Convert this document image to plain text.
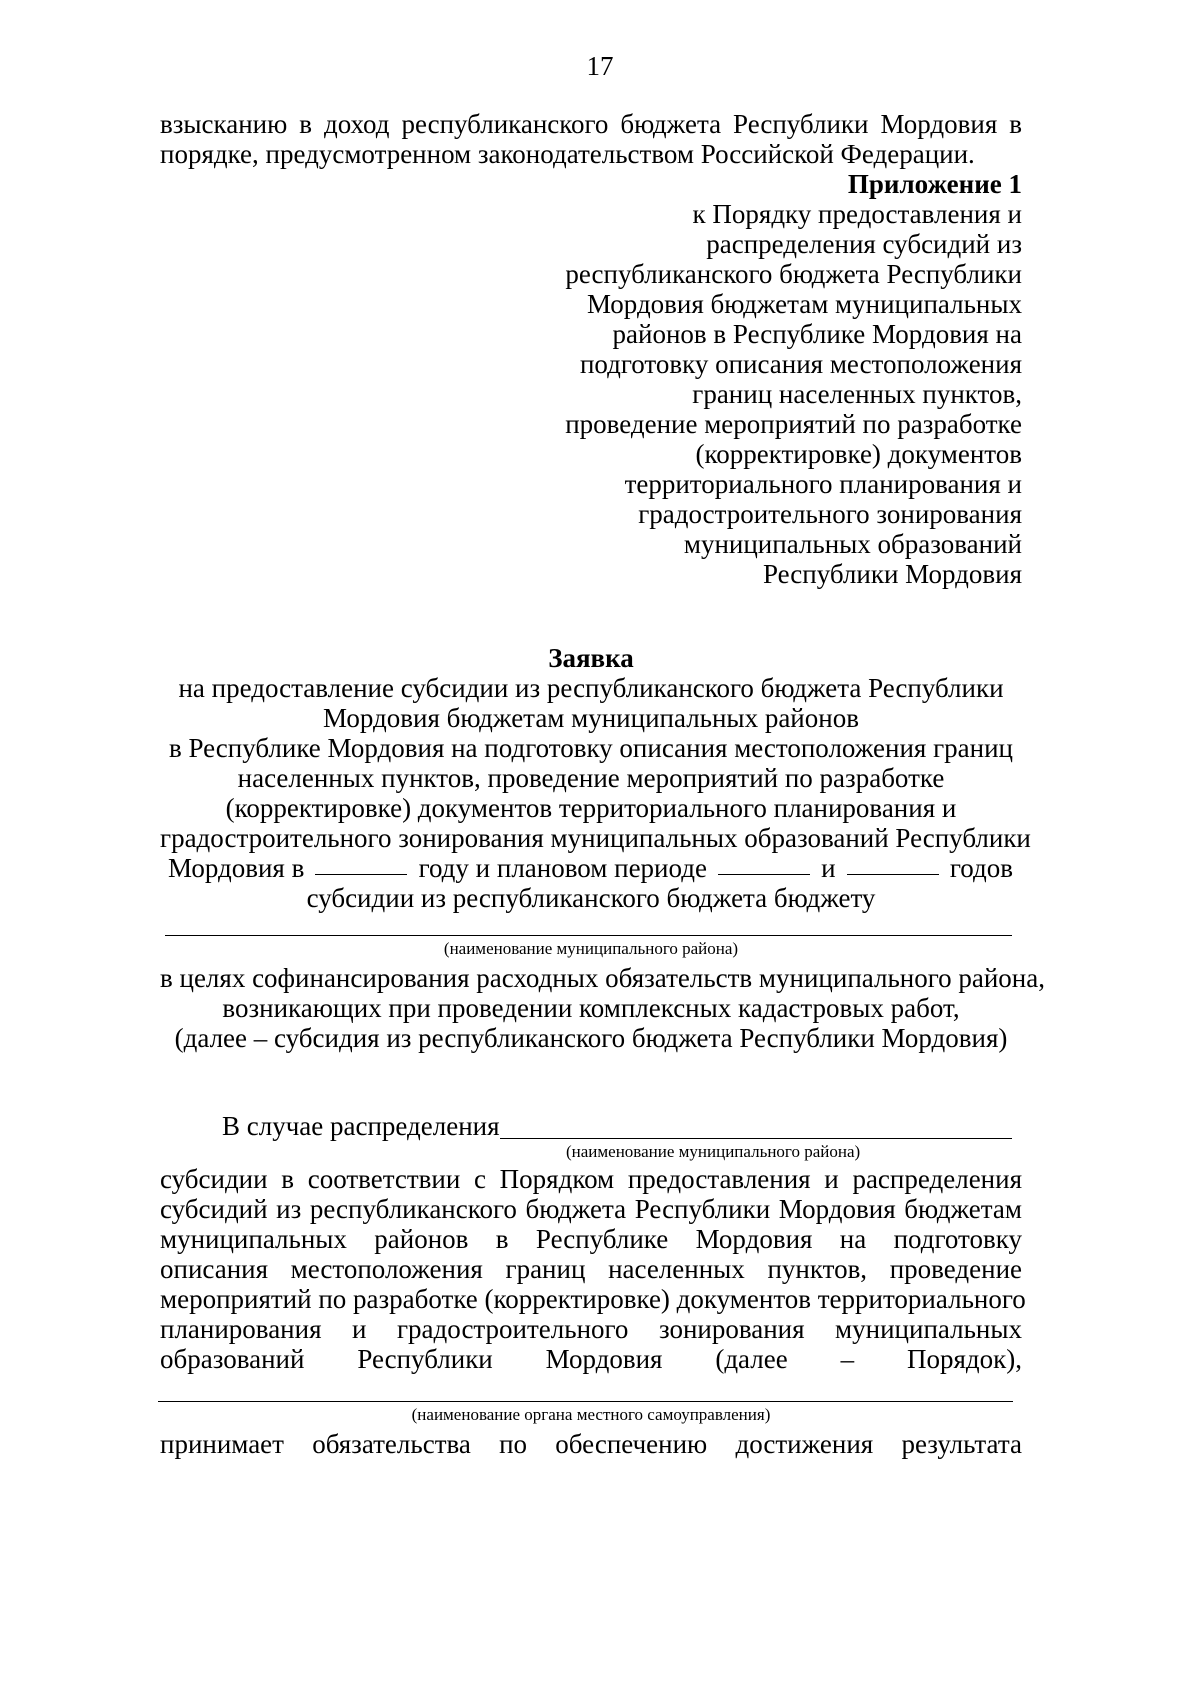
17
взысканию в доход республиканского бюджета Республики Мордовия в
порядке, предусмотренном законодательством Российской Федерации.
Приложение 1
к Порядку предоставления и
распределения субсидий из
республиканского бюджета Республики
Мордовия бюджетам муниципальных
районов в Республике Мордовия на
подготовку описания местоположения
границ населенных пунктов,
проведение мероприятий по разработке
(корректировке) документов
территориального планирования и
градостроительного зонирования
муниципальных образований
Республики Мордовия
Заявка
на предоставление субсидии из республиканского бюджета Республики
Мордовия бюджетам муниципальных районов
в Республике Мордовия на подготовку описания местоположения границ
населенных пунктов, проведение мероприятий по разработке
(корректировке) документов территориального планирования и
градостроительного зонирования муниципальных образований Республики
Мордовия в	году и плановом периоде	и	годов
субсидии из республиканского бюджета бюджету
(наименование муниципального района)
в целях софинансирования расходных обязательств муниципального района,
возникающих при проведении комплексных кадастровых работ,
(далее – субсидия из республиканского бюджета Республики Мордовия)
В случае распределения
(наименование муниципального района)
субсидии в соответствии с Порядком предоставления и распределения
субсидий из республиканского бюджета Республики Мордовия бюджетам
муниципальных районов в Республике Мордовия на подготовку
описания местоположения границ населенных пунктов, проведение
мероприятий по разработке (корректировке) документов территориального
планирования и градостроительного зонирования муниципальных
образований Республики Мордовия (далее – Порядок),
(наименование органа местного самоуправления)
принимает обязательства по обеспечению достижения результата
